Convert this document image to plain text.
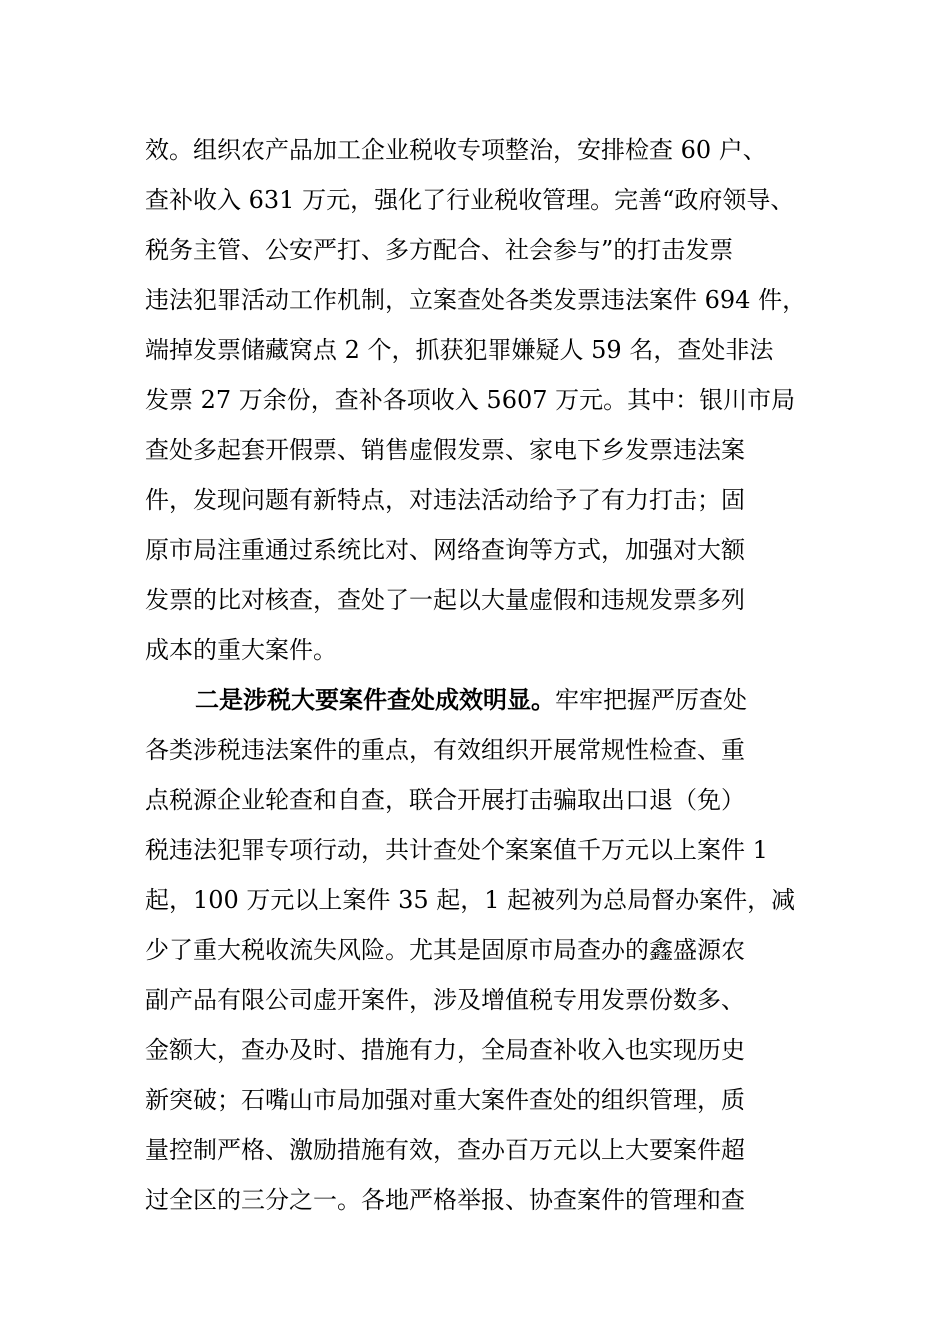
效。组织农产品加工企业税收专项整治，安排检查 60 户、
查补收入 631 万元，强化了行业税收管理。完善“政府领导、
税务主管、公安严打、多方配合、社会参与”的打击发票
违法犯罪活动工作机制，立案查处各类发票违法案件 694 件，
端掉发票储藏窝点 2 个，抓获犯罪嫌疑人 59 名，查处非法
发票 27 万余份，查补各项收入 5607 万元。其中：银川市局
查处多起套开假票、销售虚假发票、家电下乡发票违法案
件，发现问题有新特点，对违法活动给予了有力打击；固
原市局注重通过系统比对、网络查询等方式，加强对大额
发票的比对核查，查处了一起以大量虚假和违规发票多列
成本的重大案件。
二是涉税大要案件查处成效明显。牢牢把握严厉查处
各类涉税违法案件的重点，有效组织开展常规性检查、重
点税源企业轮查和自查，联合开展打击骗取出口退（免）
税违法犯罪专项行动，共计查处个案案值千万元以上案件 1
起，100 万元以上案件 35 起，1 起被列为总局督办案件，减
少了重大税收流失风险。尤其是固原市局查办的鑫盛源农
副产品有限公司虚开案件，涉及增值税专用发票份数多、
金额大，查办及时、措施有力，全局查补收入也实现历史
新突破；石嘴山市局加强对重大案件查处的组织管理，质
量控制严格、激励措施有效，查办百万元以上大要案件超
过全区的三分之一。各地严格举报、协查案件的管理和查
